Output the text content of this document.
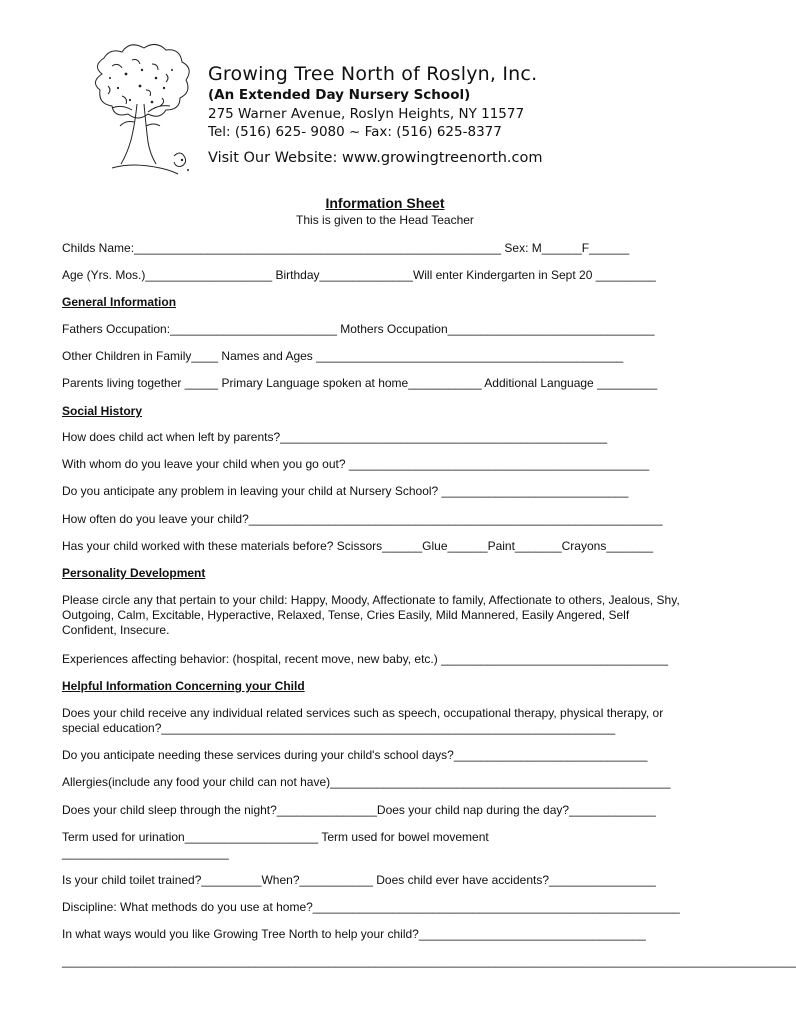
Growing Tree North of Roslyn, Inc.
(An Extended Day Nursery School)
275 Warner Avenue, Roslyn Heights, NY 11577
Tel: (516) 625- 9080 ~ Fax: (516) 625-8377
Visit Our Website: www.growingtreenorth.com
Information Sheet
This is given to the Head Teacher
Childs Name:_______________________________________________________ Sex: M______F______
Age (Yrs. Mos.)___________________ Birthday______________Will enter Kindergarten in Sept 20 _________
General Information
Fathers Occupation:_________________________ Mothers Occupation_______________________________
Other Children in Family____ Names and Ages ______________________________________________
Parents living together _____ Primary Language spoken at home___________ Additional Language _________
Social History
How does child act when left by parents?_________________________________________________
With whom do you leave your child when you go out? _____________________________________________
Do you anticipate any problem in leaving your child at Nursery School? ____________________________
How often do you leave your child?______________________________________________________________
Has your child worked with these materials before? Scissors______Glue______Paint_______Crayons_______
Personality Development
Please circle any that pertain to your child: Happy, Moody, Affectionate to family, Affectionate to others, Jealous, Shy, Outgoing, Calm, Excitable, Hyperactive, Relaxed, Tense, Cries Easily, Mild Mannered, Easily Angered, Self Confident, Insecure.
Experiences affecting behavior: (hospital, recent move, new baby, etc.) __________________________________
Helpful Information Concerning your Child
Does your child receive any individual related services such as speech, occupational therapy, physical therapy, or special education?____________________________________________________________________
Do you anticipate needing these services during your child's school days?_____________________________
Allergies(include any food your child can not have)___________________________________________________
Does your child sleep through the night?_______________Does your child nap during the day?_____________
Term used for urination____________________ Term used for bowel movement
_________________________
Is your child toilet trained?_________When?___________ Does child ever have accidents?________________
Discipline: What methods do you use at home?_______________________________________________________
In what ways would you like Growing Tree North to help your child?__________________________________
______________________________________________________________________________________________________________
